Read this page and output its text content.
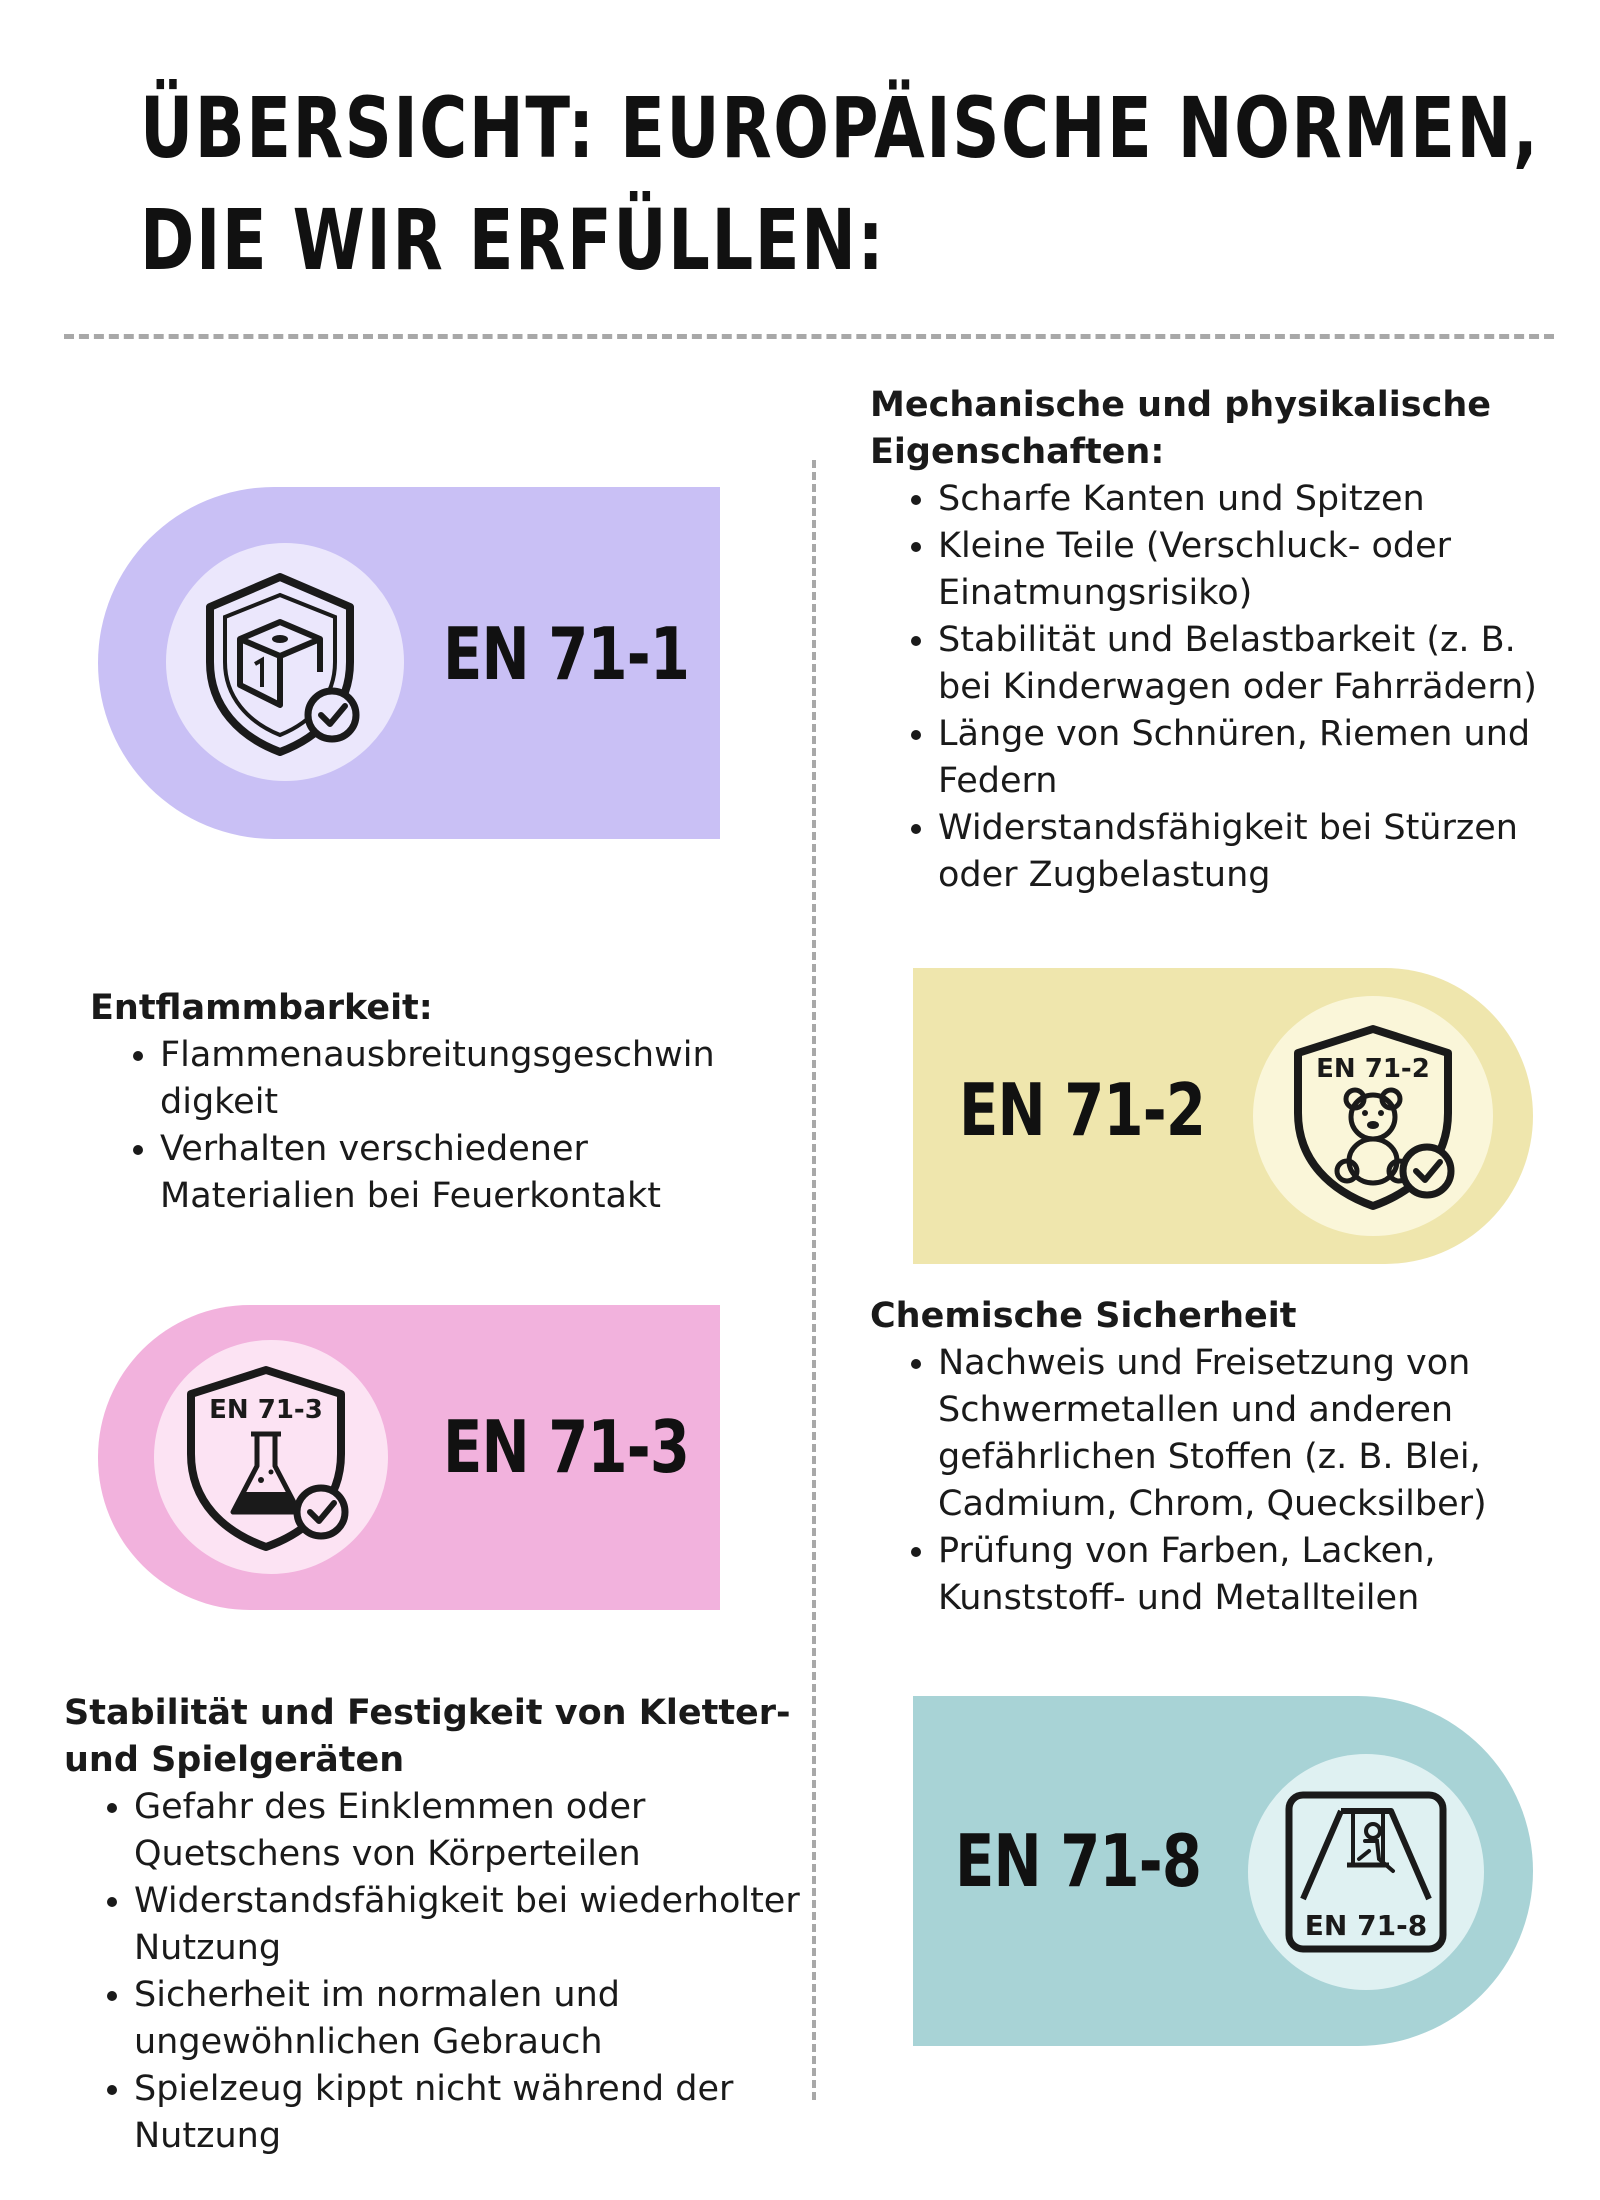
ÜBERSICHT: EUROPÄISCHE NORMEN,
DIE WIR ERFÜLLEN:
EN 71-1
EN 71-2	EN 71-2
EN 71-3 EN 71-3
EN 71-8
EN 71-8
Mechanische und physikalische Eigenschaften:
• Scharfe Kanten und Spitzen
• Kleine Teile (Verschluck- oder Einatmungsrisiko)
• Stabilität und Belastbarkeit (z. B. bei Kinderwagen oder Fahrrädern)
• Länge von Schnüren, Riemen und Federn
• Widerstandsfähigkeit bei Stürzen oder Zugbelastung
Entflammbarkeit:
• Flammenausbreitungsgeschwin digkeit
• Verhalten verschiedener Materialien bei Feuerkontakt
Chemische Sicherheit
• Nachweis und Freisetzung von Schwermetallen und anderen gefährlichen Stoffen (z. B. Blei, Cadmium, Chrom, Quecksilber)
• Prüfung von Farben, Lacken, Kunststoff- und Metallteilen
Stabilität und Festigkeit von Kletter- und Spielgeräten
• Gefahr des Einklemmen oder Quetschens von Körperteilen
• Widerstandsfähigkeit bei wiederholter Nutzung
• Sicherheit im normalen und ungewöhnlichen Gebrauch
• Spielzeug kippt nicht während der Nutzung
